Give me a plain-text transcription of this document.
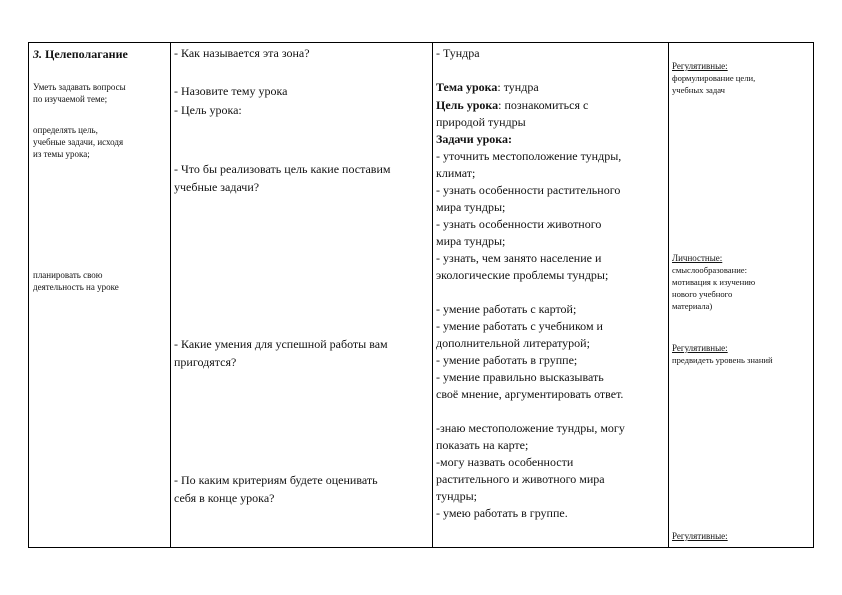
3. Целеполагание
Уметь задавать вопросы
по изучаемой теме;
определять цель,
учебные задачи, исходя
из темы урока;
планировать свою
деятельность на уроке
- Как называется эта зона?
- Назовите тему урока
- Цель урока:
- Что бы реализовать цель какие поставим
учебные задачи?
- Какие умения для успешной работы вам
пригодятся?
- По каким критериям будете оценивать
себя в конце урока?
- Тундра
Тема урока: тундра
Цель урока: познакомиться с
природой тундры
Задачи урока:
- уточнить местоположение тундры,
климат;
- узнать особенности растительного
мира тундры;
- узнать особенности животного
мира тундры;
- узнать, чем занято население и
экологические проблемы тундры;
- умение работать с картой;
- умение работать с учебником и
дополнительной литературой;
- умение работать в группе;
- умение правильно высказывать
своё мнение, аргументировать ответ.
-знаю местоположение тундры, могу
показать на карте;
-могу назвать особенности
растительного и животного мира
тундры;
- умею работать в группе.
Регулятивные:
формулирование цели,
учебных задач
Личностные:
смыслообразование:
мотивация к изучению
нового учебного
материала)
Регулятивные:
предвидеть уровень знаний
Регулятивные:
